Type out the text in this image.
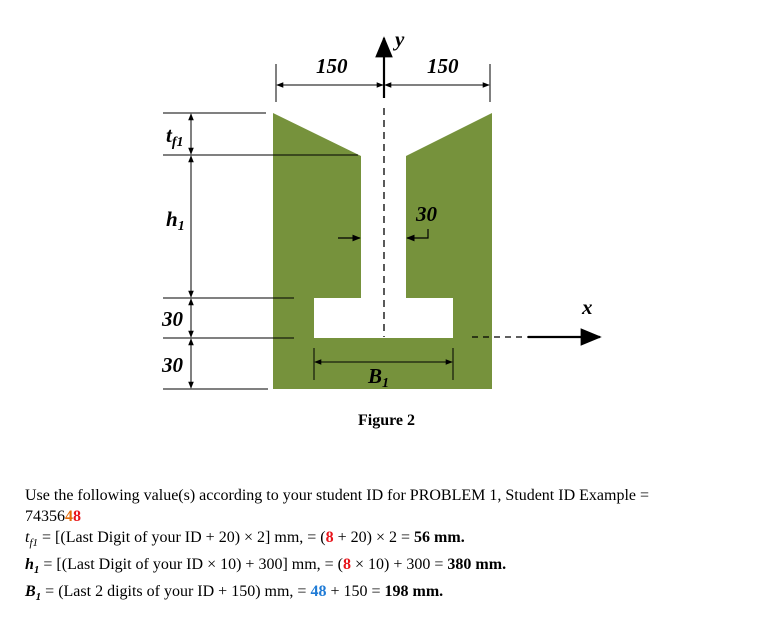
y
x
150	150
30
tf1
h1
30
30	B1
Figure 2
Use the following value(s) according to your student ID for PROBLEM 1, Student ID Example =
7435648
$t_{f1}$ = [(Last Digit of your ID + 20) × 2] mm, = (8 + 20) × 2 = 56 mm.
$h_1$ = [(Last Digit of your ID × 10) + 300] mm, = (8 × 10) + 300 = 380 mm.
$B_1$ = (Last 2 digits of your ID + 150) mm, = 48 + 150 = 198 mm.
